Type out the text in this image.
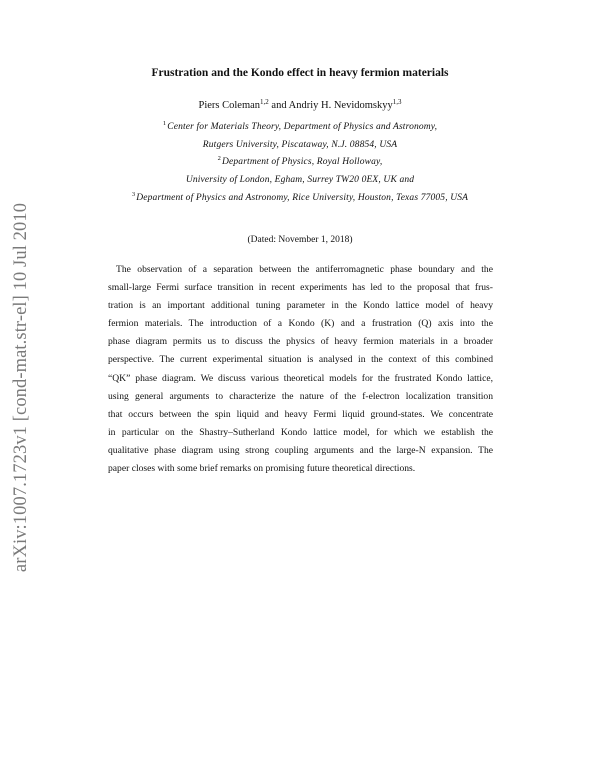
arXiv:1007.1723v1 [cond-mat.str-el] 10 Jul 2010
Frustration and the Kondo effect in heavy fermion materials
Piers Coleman$^{1,2}$ and Andriy H. Nevidomskyy$^{1,3}$
$^1$Center for Materials Theory, Department of Physics and Astronomy,
Rutgers University, Piscataway, N.J. 08854, USA
$^2$Department of Physics, Royal Holloway,
University of London, Egham, Surrey TW20 0EX, UK and
$^3$Department of Physics and Astronomy, Rice University, Houston, Texas 77005, USA
(Dated: November 1, 2018)
The observation of a separation between the antiferromagnetic phase boundary and the
small-large Fermi surface transition in recent experiments has led to the proposal that frus-
tration is an important additional tuning parameter in the Kondo lattice model of heavy
fermion materials. The introduction of a Kondo (K) and a frustration (Q) axis into the
phase diagram permits us to discuss the physics of heavy fermion materials in a broader
perspective. The current experimental situation is analysed in the context of this combined
“QK” phase diagram. We discuss various theoretical models for the frustrated Kondo lattice,
using general arguments to characterize the nature of the f-electron localization transition
that occurs between the spin liquid and heavy Fermi liquid ground-states. We concentrate
in particular on the Shastry–Sutherland Kondo lattice model, for which we establish the
qualitative phase diagram using strong coupling arguments and the large-N expansion. The
paper closes with some brief remarks on promising future theoretical directions.
